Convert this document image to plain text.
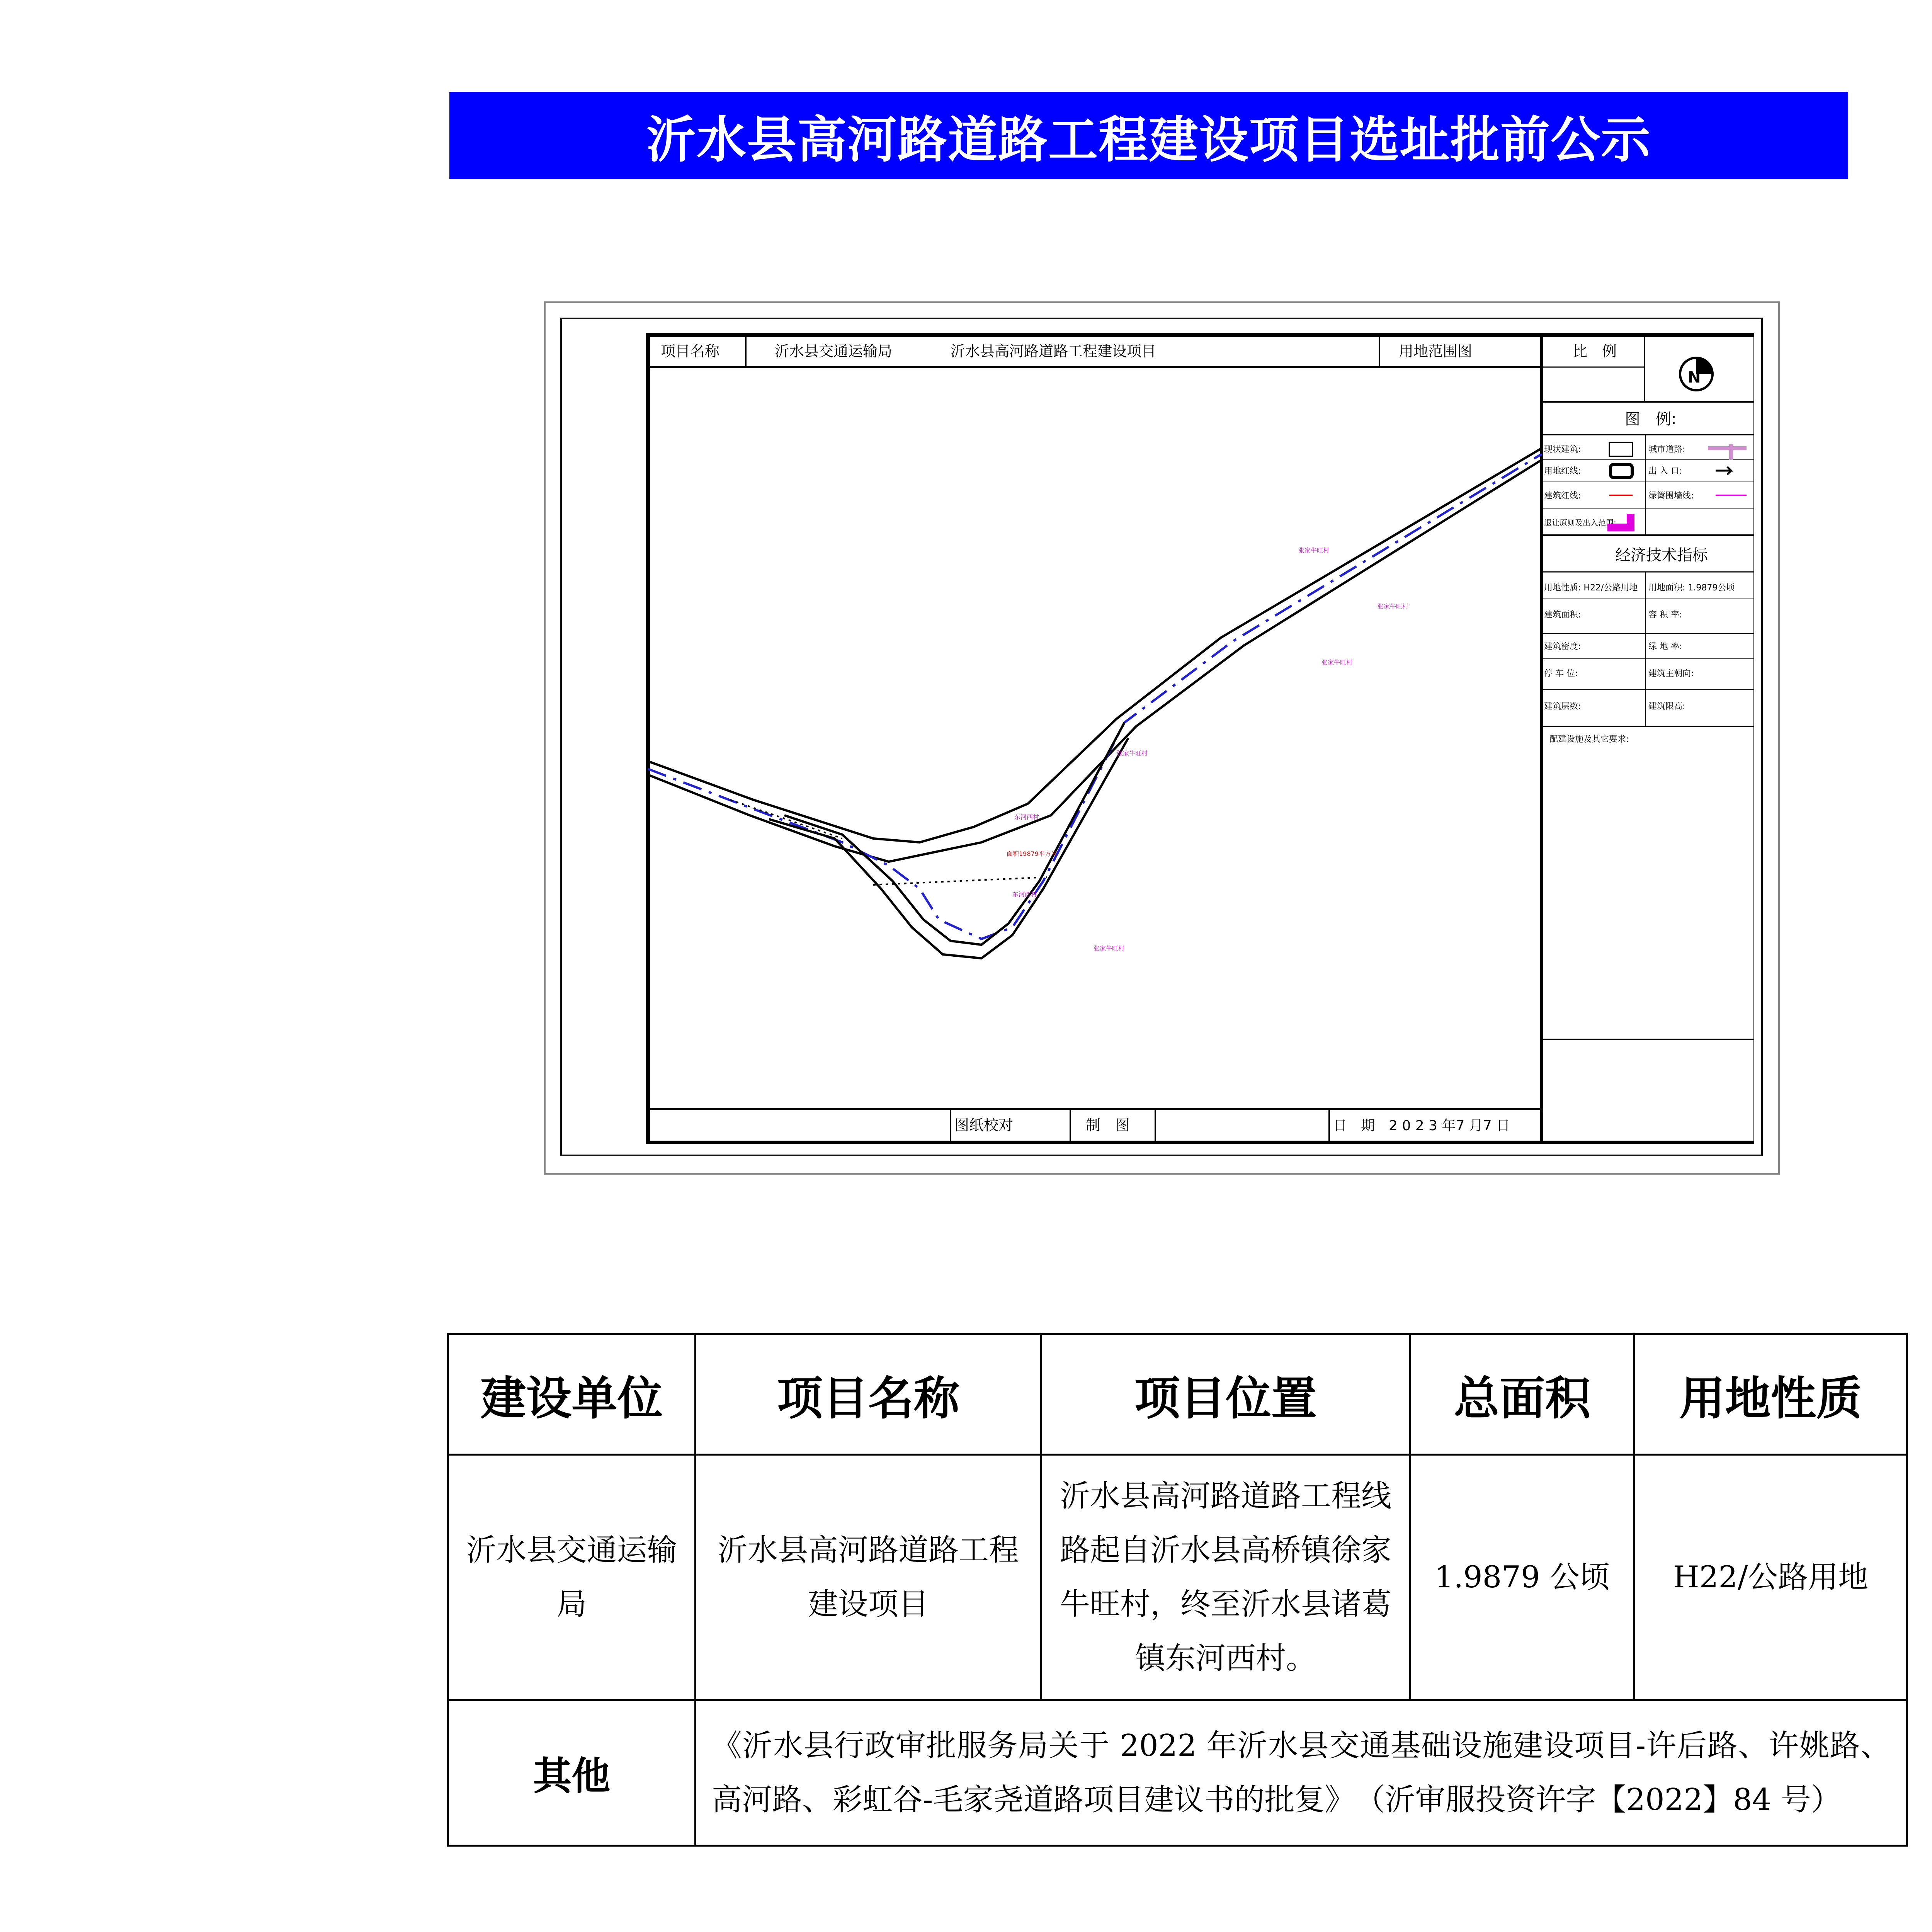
沂水县高河路道路工程建设项目选址批前公示
项目名称	沂水县交通运输局	沂水县高河路道路工程建设项目	用地范围图	比　例
N
图　例:
现状建筑:	城市道路:
用地红线:	出 入 口:
建筑红线:	绿篱围墙线:
退让原则及出入范围:
经济技术指标
用地性质: H22/公路用地 用地面积: 1.9879公顷
建筑面积:	容 积 率:
建筑密度:	绿 地 率:
停 车 位:	建筑主朝向:
建筑层数:	建筑限高:
配建设施及其它要求:
图纸校对	制　图	日　期　2 0 2 3 年7 月7 日
张家牛旺村
张家牛旺村
张家牛旺村
张家牛旺村
东河西村
东河西村
面积19879平方米
张家牛旺村
建设单位	项目名称	项目位置	总面积	用地性质
沂水县交通运输局	沂水县高河路道路工程建设项目	沂水县高河路道路工程线路起自沂水县高桥镇徐家牛旺村，终至沂水县诸葛镇东河西村。	1.9879 公顷	H22/公路用地
其他	《沂水县行政审批服务局关于 2022 年沂水县交通基础设施建设项目-许后路、许姚路、高河路、彩虹谷-毛家尧道路项目建议书的批复》　（沂审服投资许字【2022】84 号）			
